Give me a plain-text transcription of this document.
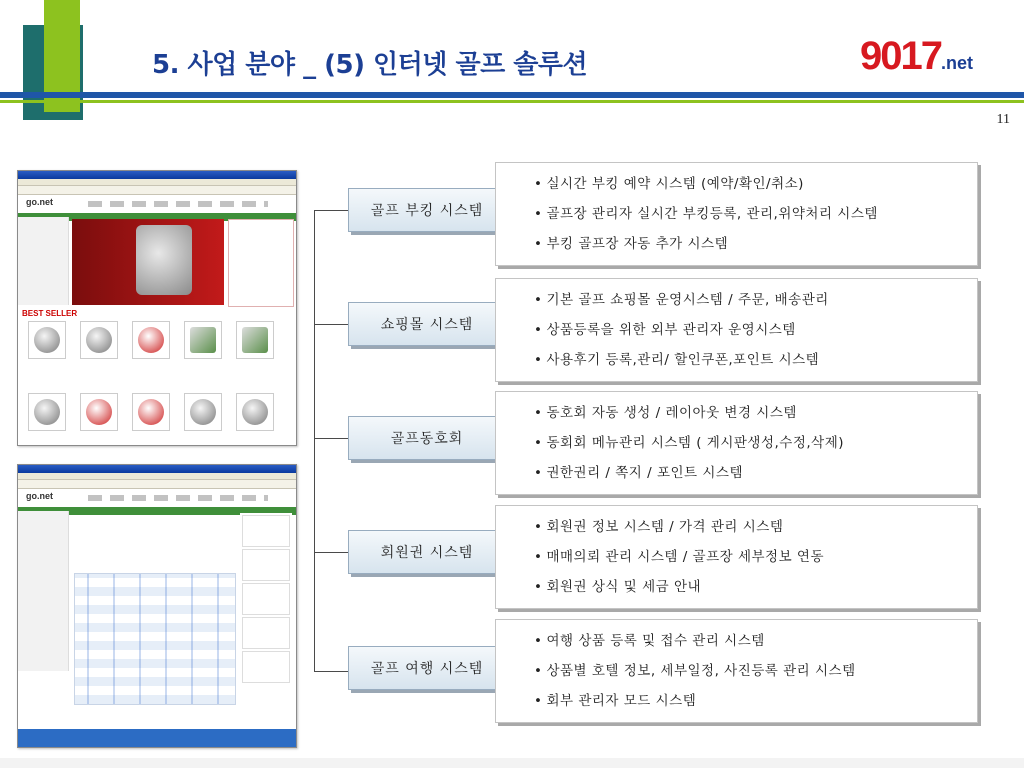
5. 사업 분야 _ (5) 인터넷 골프 솔루션	9017.net
11
go.net
BEST SELLER
go.net
골프 부킹 시스템
쇼핑몰 시스템
골프동호회
회원권 시스템
골프 여행 시스템
• 실시간 부킹 예약 시스템 (예약/확인/취소)
• 골프장 관리자 실시간 부킹등록, 관리,위약처리 시스템
• 부킹 골프장 자동 추가 시스템
• 기본 골프 쇼핑몰 운영시스템 / 주문, 배송관리
• 상품등록을 위한 외부 관리자 운영시스템
• 사용후기 등록,관리/ 할인쿠폰,포인트 시스템
• 동호회 자동 생성 / 레이아웃 변경 시스템
• 동회회 메뉴관리 시스템 ( 게시판생성,수정,삭제)
• 권한권리 / 쪽지 / 포인트 시스템
• 회원권 정보 시스템 / 가격 관리 시스템
• 매매의뢰 관리 시스템 / 골프장 세부정보 연동
• 회원권 상식 및 세금 안내
• 여행 상품 등록 및 접수 관리 시스템
• 상품별 호텔 정보, 세부일정, 사진등록 관리 시스템
• 회부 관리자 모드 시스템
